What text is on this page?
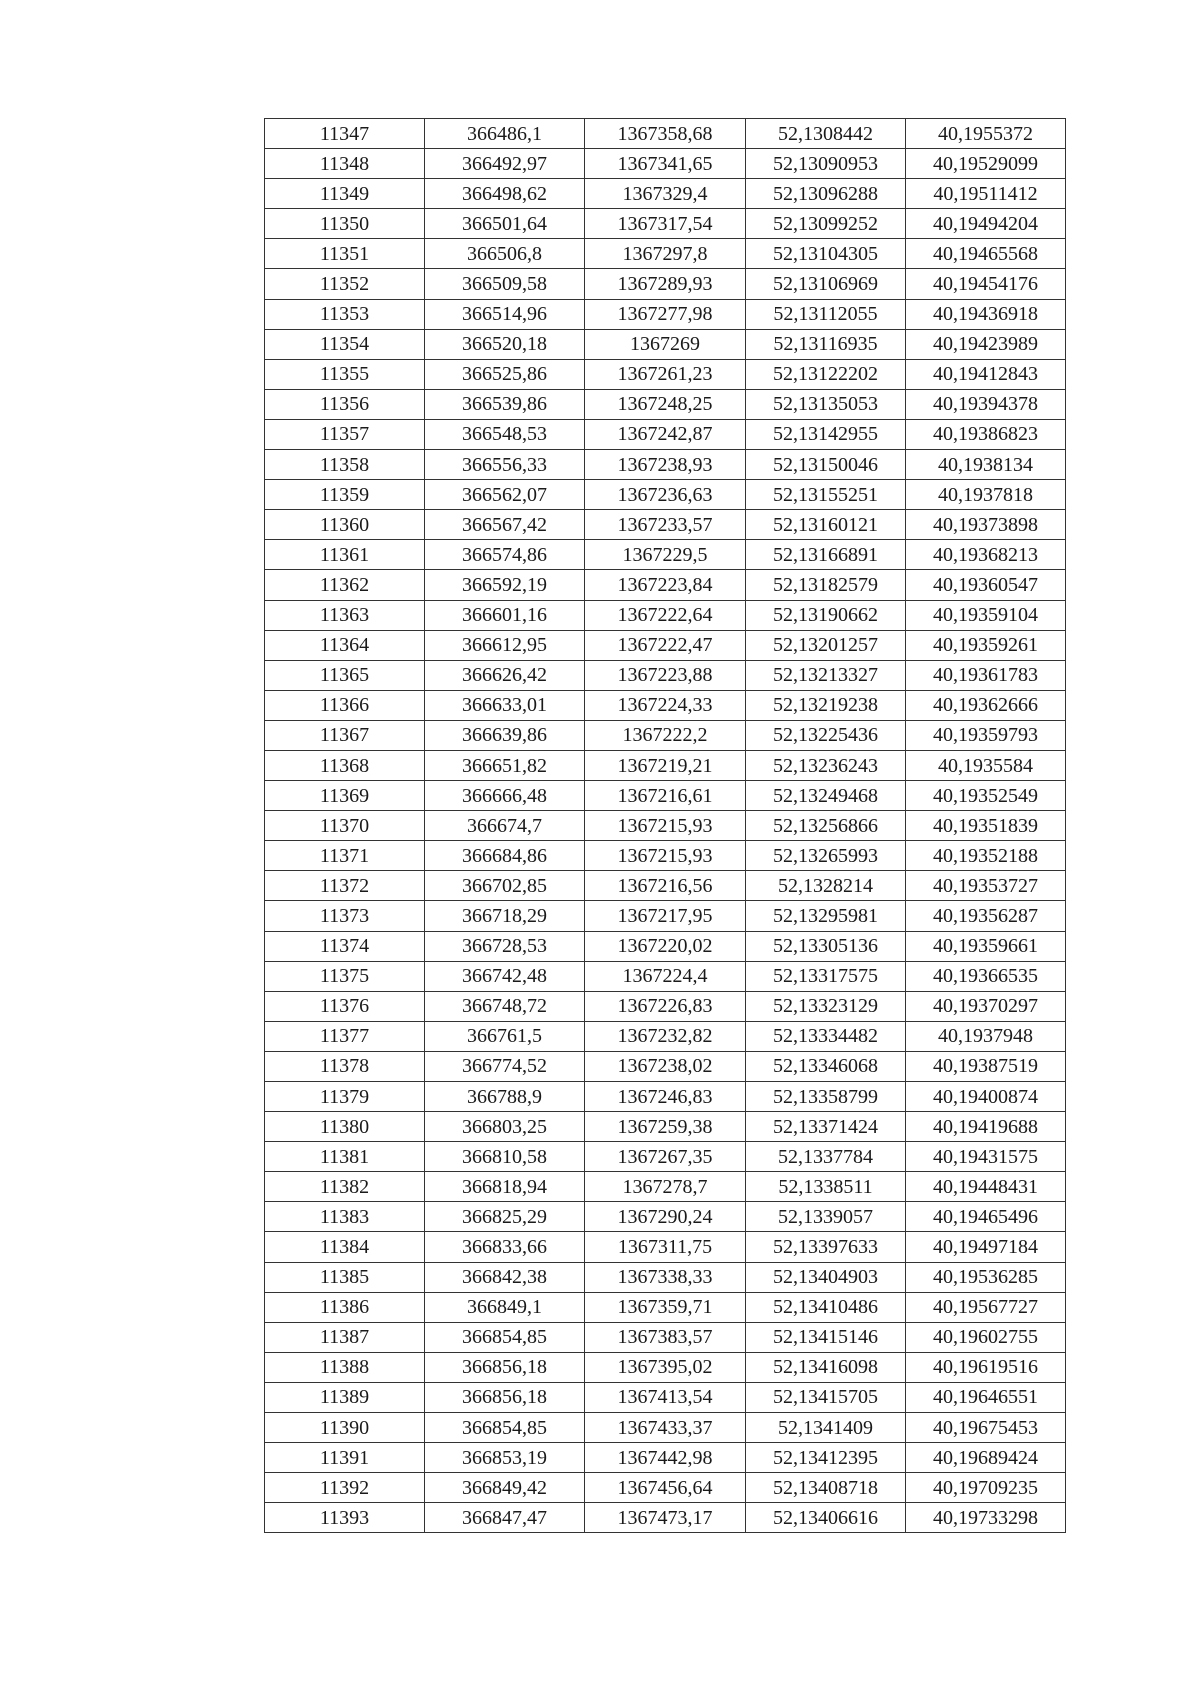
11347	366486,1	1367358,68	52,1308442	40,1955372
11348	366492,97	1367341,65	52,13090953	40,19529099
11349	366498,62	1367329,4	52,13096288	40,19511412
11350	366501,64	1367317,54	52,13099252	40,19494204
11351	366506,8	1367297,8	52,13104305	40,19465568
11352	366509,58	1367289,93	52,13106969	40,19454176
11353	366514,96	1367277,98	52,13112055	40,19436918
11354	366520,18	1367269	52,13116935	40,19423989
11355	366525,86	1367261,23	52,13122202	40,19412843
11356	366539,86	1367248,25	52,13135053	40,19394378
11357	366548,53	1367242,87	52,13142955	40,19386823
11358	366556,33	1367238,93	52,13150046	40,1938134
11359	366562,07	1367236,63	52,13155251	40,1937818
11360	366567,42	1367233,57	52,13160121	40,19373898
11361	366574,86	1367229,5	52,13166891	40,19368213
11362	366592,19	1367223,84	52,13182579	40,19360547
11363	366601,16	1367222,64	52,13190662	40,19359104
11364	366612,95	1367222,47	52,13201257	40,19359261
11365	366626,42	1367223,88	52,13213327	40,19361783
11366	366633,01	1367224,33	52,13219238	40,19362666
11367	366639,86	1367222,2	52,13225436	40,19359793
11368	366651,82	1367219,21	52,13236243	40,1935584
11369	366666,48	1367216,61	52,13249468	40,19352549
11370	366674,7	1367215,93	52,13256866	40,19351839
11371	366684,86	1367215,93	52,13265993	40,19352188
11372	366702,85	1367216,56	52,1328214	40,19353727
11373	366718,29	1367217,95	52,13295981	40,19356287
11374	366728,53	1367220,02	52,13305136	40,19359661
11375	366742,48	1367224,4	52,13317575	40,19366535
11376	366748,72	1367226,83	52,13323129	40,19370297
11377	366761,5	1367232,82	52,13334482	40,1937948
11378	366774,52	1367238,02	52,13346068	40,19387519
11379	366788,9	1367246,83	52,13358799	40,19400874
11380	366803,25	1367259,38	52,13371424	40,19419688
11381	366810,58	1367267,35	52,1337784	40,19431575
11382	366818,94	1367278,7	52,1338511	40,19448431
11383	366825,29	1367290,24	52,1339057	40,19465496
11384	366833,66	1367311,75	52,13397633	40,19497184
11385	366842,38	1367338,33	52,13404903	40,19536285
11386	366849,1	1367359,71	52,13410486	40,19567727
11387	366854,85	1367383,57	52,13415146	40,19602755
11388	366856,18	1367395,02	52,13416098	40,19619516
11389	366856,18	1367413,54	52,13415705	40,19646551
11390	366854,85	1367433,37	52,1341409	40,19675453
11391	366853,19	1367442,98	52,13412395	40,19689424
11392	366849,42	1367456,64	52,13408718	40,19709235
11393	366847,47	1367473,17	52,13406616	40,19733298
